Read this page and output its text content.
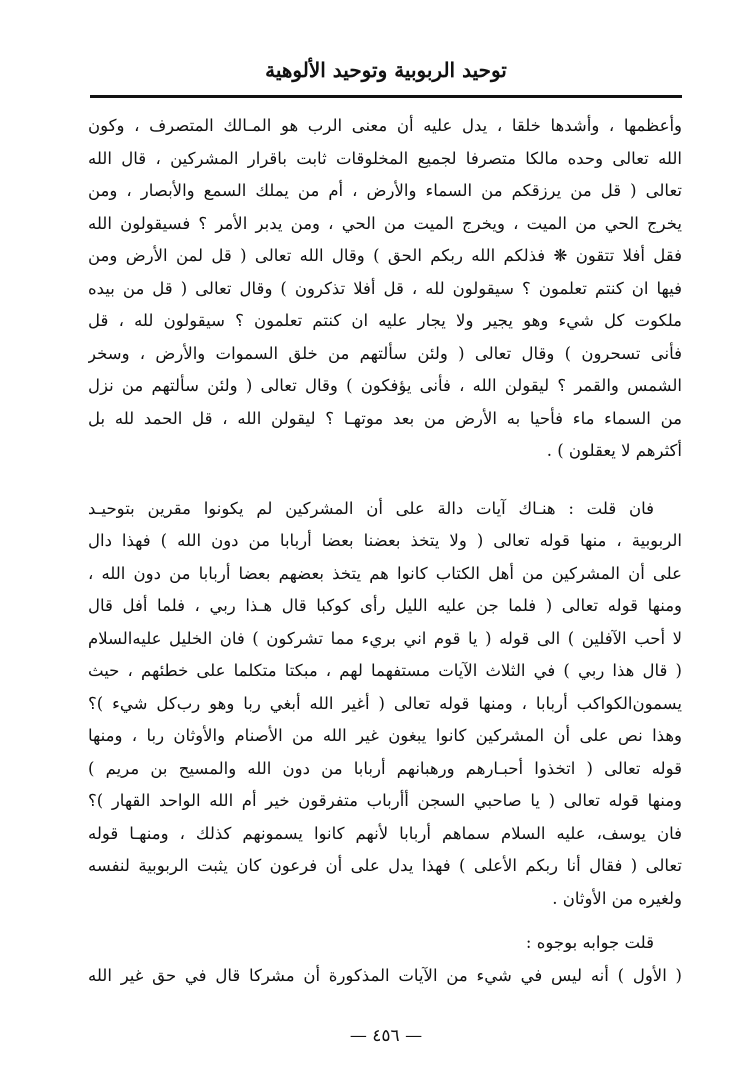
توحيد الربوبية وتوحيد الألوهية
وأعظمها ، وأشدها خلقا ، يدل عليه أن معنى الرب هو المـالك المتصرف ، وكون
الله تعالى وحده مالكا متصرفا لجميع المخلوقات ثابت باقرار المشركين ، قال الله
تعالى ( قل من يرزقكم من السماء والأرض ، أم من يملك السمع والأبصار ، ومن
يخرج الحي من الميت ، ويخرج الميت من الحي ، ومن يدبر الأمر ؟ فسيقولون الله
فقل أفلا تتقون ❋ فذلكم الله ربكم الحق ) وقال الله تعالى ( قل لمن الأرض ومن
فيها ان كنتم تعلمون ؟ سيقولون لله ، قل أفلا تذكرون ) وقال تعالى ( قل من بيده
ملكوت كل شيء وهو يجير ولا يجار عليه ان كنتم تعلمون ؟ سيقولون لله ، قل
فأنى تسحرون ) وقال تعالى ( ولئن سألتهم من خلق السموات والأرض ، وسخر
الشمس والقمر ؟ ليقولن الله ، فأنى يؤفكون ) وقال تعالى ( ولئن سألتهم من نزل
من السماء ماء فأحيا به الأرض من بعد موتهـا ؟ ليقولن الله ، قل الحمد لله بل
أكثرهم لا يعقلون ) .
فان قلت : هنـاك آيات دالة على أن المشركين لم يكونوا مقرين بتوحيـد
الربوبية ، منها قوله تعالى ( ولا يتخذ بعضنا بعضا أربابا من دون الله ) فهذا دال
على أن المشركين من أهل الكتاب كانوا هم يتخذ بعضهم بعضا أربابا من دون الله ،
ومنها قوله تعالى ( فلما جن عليه الليل رأى كوكبا قال هـذا ربي ، فلما أفل قال
لا أحب الآفلين ) الى قوله ( يا قوم اني بريء مما تشركون ) فان الخليل عليه‌السلام
( قال هذا ربي ) في الثلاث الآيات مستفهما لهم ، مبكتا متكلما على خطئهم ، حيث
يسمون‌الكواكب أربابا ، ومنها قوله تعالى ( أغير الله أبغي ربا وهو رب‌كل شيء )؟
وهذا نص على أن المشركين كانوا يبغون غير الله من الأصنام والأوثان ربا ، ومنها
قوله تعالى ( اتخذوا أحبـارهم ورهبانهم أربابا من دون الله والمسيح بن مريم )
ومنها قوله تعالى ( يا صاحبي السجن أأرباب متفرقون خير أم الله الواحد القهار )؟
فان يوسف، عليه السلام سماهم أربابا لأنهم كانوا يسمونهم كذلك ، ومنهـا قوله
تعالى ( فقال أنا ربكم الأعلى ) فهذا يدل على أن فرعون كان يثبت الربوبية لنفسه
ولغيره من الأوثان .
قلت جوابه بوجوه :
( الأول ) أنه ليس في شيء من الآيات المذكورة أن مشركا قال في حق غير الله
— ٤٥٦ —
